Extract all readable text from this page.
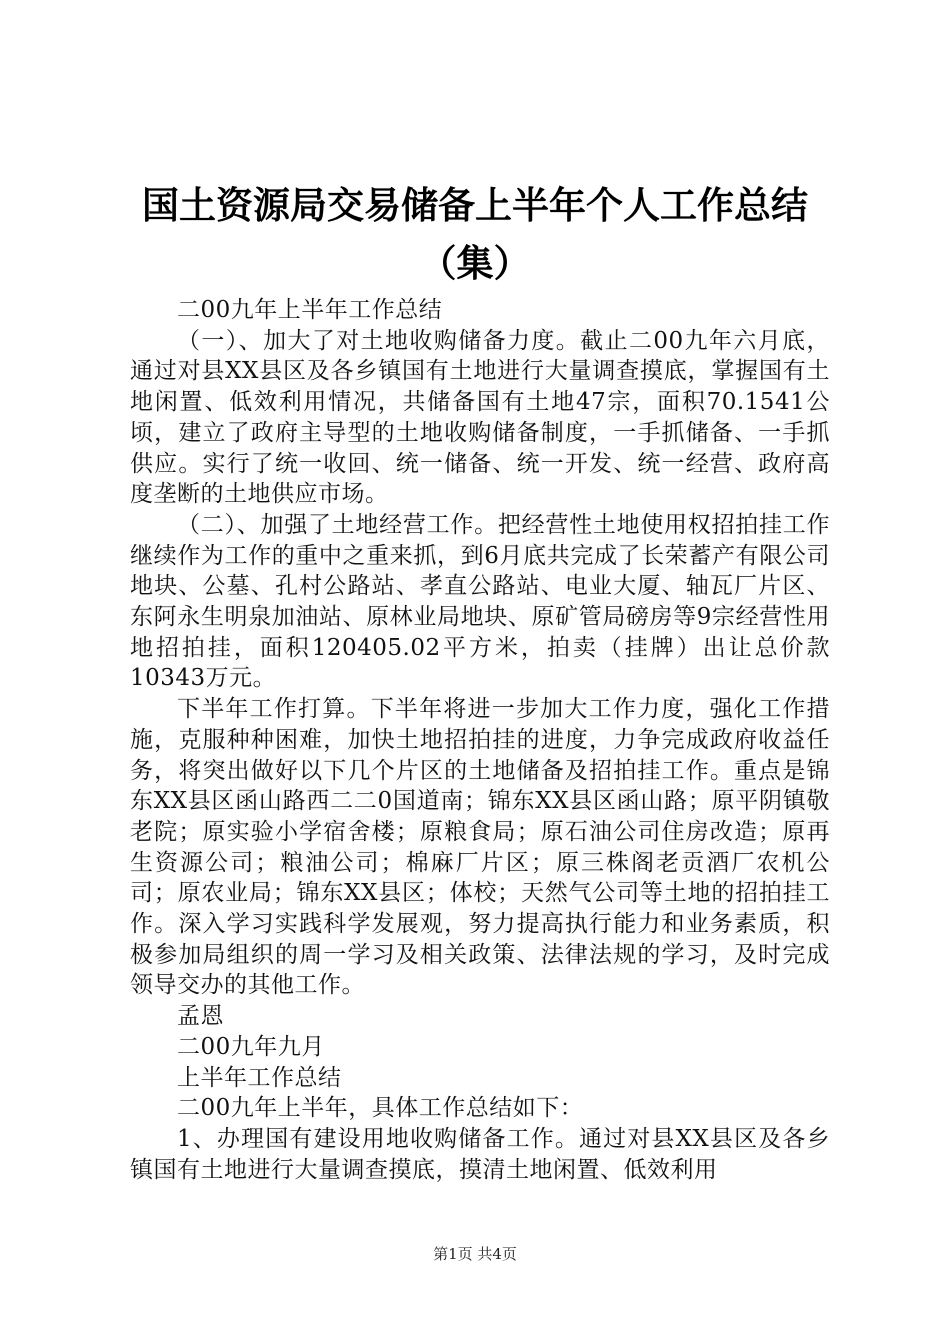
国土资源局交易储备上半年个人工作总结
（集）

二00九年上半年工作总结

（一）、加大了对土地收购储备力度。截止二00九年六月底，通过对县XX县区及各乡镇国有土地进行大量调查摸底，掌握国有土地闲置、低效利用情况，共储备国有土地47宗，面积70.1541公顷，建立了政府主导型的土地收购储备制度，一手抓储备、一手抓供应。实行了统一收回、统一储备、统一开发、统一经营、政府高度垄断的土地供应市场。

（二）、加强了土地经营工作。把经营性土地使用权招拍挂工作继续作为工作的重中之重来抓，到6月底共完成了长荣蓄产有限公司地块、公墓、孔村公路站、孝直公路站、电业大厦、轴瓦厂片区、东阿永生明泉加油站、原林业局地块、原矿管局磅房等9宗经营性用地招拍挂，面积120405.02平方米，拍卖（挂牌）出让总价款10343万元。

下半年工作打算。下半年将进一步加大工作力度，强化工作措施，克服种种困难，加快土地招拍挂的进度，力争完成政府收益任务，将突出做好以下几个片区的土地储备及招拍挂工作。重点是锦东XX县区函山路西二二0国道南；锦东XX县区函山路；原平阴镇敬老院；原实验小学宿舍楼；原粮食局；原石油公司住房改造；原再生资源公司；粮油公司；棉麻厂片区；原三株阁老贡酒厂农机公司；原农业局；锦东XX县区；体校；天然气公司等土地的招拍挂工作。深入学习实践科学发展观，努力提高执行能力和业务素质，积极参加局组织的周一学习及相关政策、法律法规的学习，及时完成领导交办的其他工作。

孟恩

二00九年九月

上半年工作总结

二00九年上半年，具体工作总结如下：

1、办理国有建设用地收购储备工作。通过对县XX县区及各乡镇国有土地进行大量调查摸底，摸清土地闲置、低效利用

第1页 共4页
